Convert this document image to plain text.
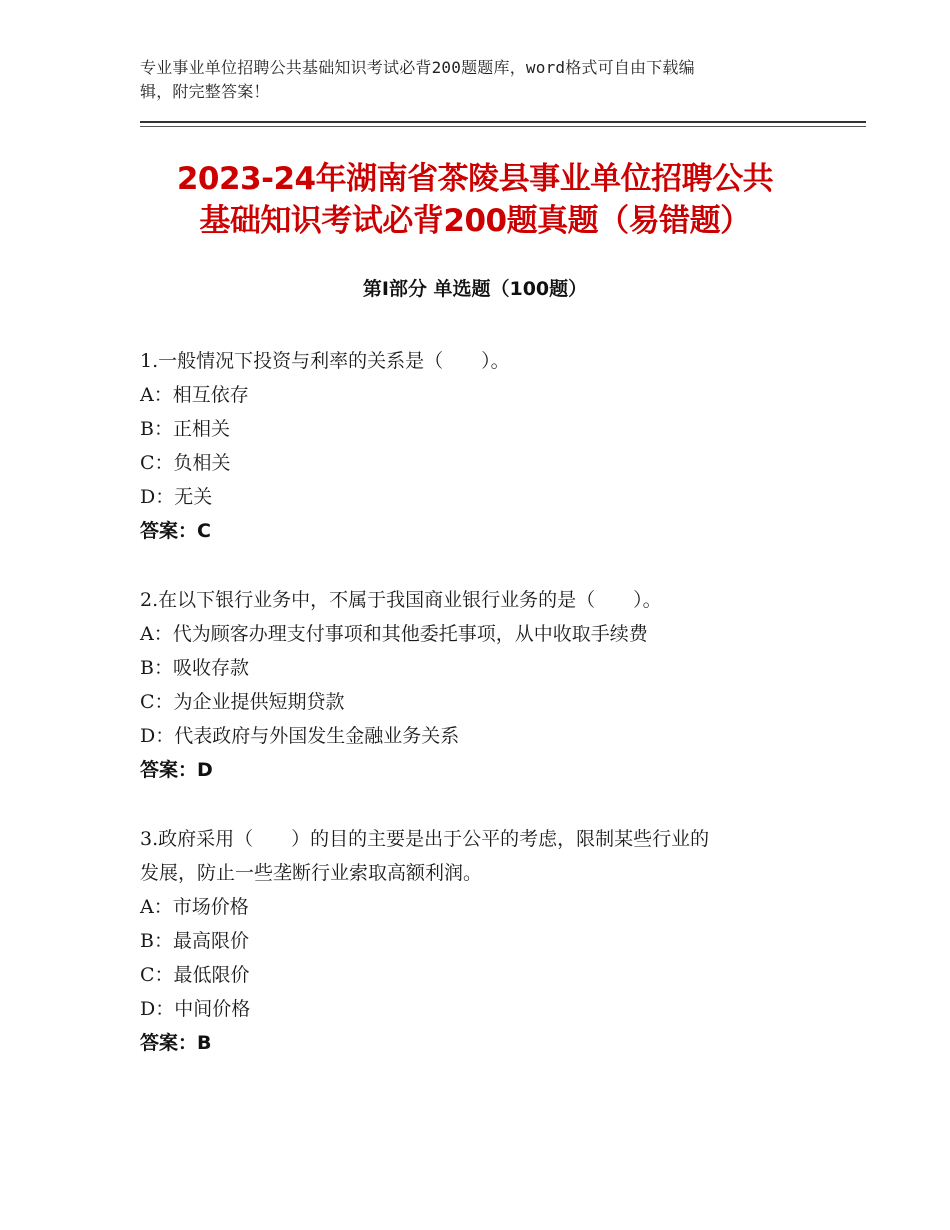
专业事业单位招聘公共基础知识考试必背200题题库，word格式可自由下载编
辑，附完整答案！
2023-24年湖南省茶陵县事业单位招聘公共
基础知识考试必背200题真题（易错题）
第Ⅰ部分 单选题（100题）
1.一般情况下投资与利率的关系是（　　）。
A：相互依存
B：正相关
C：负相关
D：无关
答案：C
2.在以下银行业务中，不属于我国商业银行业务的是（　　）。
A：代为顾客办理支付事项和其他委托事项，从中收取手续费
B：吸收存款
C：为企业提供短期贷款
D：代表政府与外国发生金融业务关系
答案：D
3.政府采用（　　）的目的主要是出于公平的考虑，限制某些行业的
发展，防止一些垄断行业索取高额利润。
A：市场价格
B：最高限价
C：最低限价
D：中间价格
答案：B
